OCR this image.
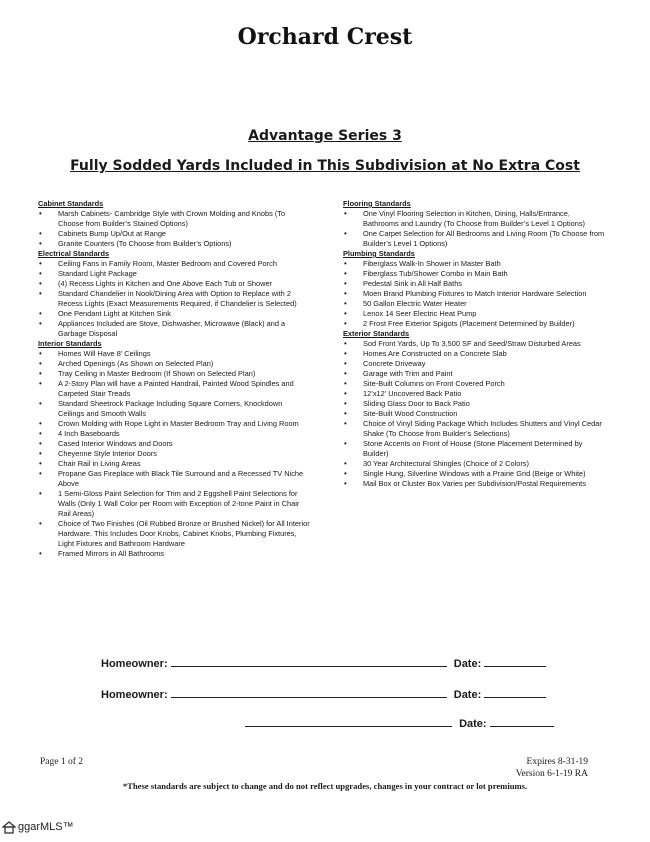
Orchard Crest
Advantage Series 3
Fully Sodded Yards Included in This Subdivision at No Extra Cost
Cabinet Standards
• Marsh Cabinets- Cambridge Style with Crown Molding and Knobs (To Choose from Builder’s Stained Options)
• Cabinets Bump Up/Out at Range
• Granite Counters (To Choose from Builder’s Options)
Electrical Standards
• Ceiling Fans in Family Room, Master Bedroom and Covered Porch
• Standard Light Package
• (4) Recess Lights in Kitchen and One Above Each Tub or Shower
• Standard Chandelier in Nook/Dining Area with Option to Replace with 2 Recess Lights (Exact Measurements Required, if Chandelier is Selected)
• One Pendant Light at Kitchen Sink
• Appliances Included are Stove, Dishwasher, Microwave (Black) and a Garbage Disposal
Interior Standards
• Homes Will Have 8’ Ceilings
• Arched Openings (As Shown on Selected Plan)
• Tray Ceiling in Master Bedroom (If Shown on Selected Plan)
• A 2-Story Plan will have a Painted Handrail, Painted Wood Spindles and Carpeted Stair Treads
• Standard Sheetrock Package Including Square Corners, Knockdown Ceilings and Smooth Walls
• Crown Molding with Rope Light in Master Bedroom Tray and Living Room
• 4 Inch Baseboards
• Cased Interior Windows and Doors
• Cheyenne Style Interior Doors
• Chair Rail in Living Areas
• Propane Gas Fireplace with Black Tile Surround and a Recessed TV Niche Above
• 1 Semi-Gloss Paint Selection for Trim and 2 Eggshell Paint Selections for Walls (Only 1 Wall Color per Room with Exception of 2-tone Paint in Chair Rail Areas)
• Choice of Two Finishes (Oil Rubbed Bronze or Brushed Nickel) for All Interior Hardware. This Includes Door Knobs, Cabinet Knobs, Plumbing Fixtures, Light Fixtures and Bathroom Hardware
• Framed Mirrors in All Bathrooms
Flooring Standards
• One Vinyl Flooring Selection in Kitchen, Dining, Halls/Entrance, Bathrooms and Laundry (To Choose from Builder’s Level 1 Options)
• One Carpet Selection for All Bedrooms and Living Room (To Choose from Builder’s Level 1 Options)
Plumbing Standards
• Fiberglass Walk-In Shower in Master Bath
• Fiberglass Tub/Shower Combo in Main Bath
• Pedestal Sink in All Half Baths
• Moen Brand Plumbing Fixtures to Match Interior Hardware Selection
• 50 Gallon Electric Water Heater
• Lenox 14 Seer Electric Heat Pump
• 2 Frost Free Exterior Spigots (Placement Determined by Builder)
Exterior Standards
• Sod Front Yards, Up To 3,500 SF and Seed/Straw Disturbed Areas
• Homes Are Constructed on a Concrete Slab
• Concrete Driveway
• Garage with Trim and Paint
• Site-Built Columns on Front Covered Porch
• 12’x12’ Uncovered Back Patio
• Sliding Glass Door to Back Patio
• Site-Built Wood Construction
• Choice of Vinyl Siding Package Which Includes Shutters and Vinyl Cedar Shake (To Choose from Builder’s Selections)
• Stone Accents on Front of House (Stone Placement Determined by Builder)
• 30 Year Architectural Shingles (Choice of 2 Colors)
• Single Hung, Silverline Windows with a Prairie Grid (Beige or White)
• Mail Box or Cluster Box Varies per Subdivision/Postal Requirements
Homeowner:	Date:
Homeowner:	Date:
Date:
Page 1 of 2	Expires 8-31-19
Version 6-1-19 RA
*These standards are subject to change and do not reflect upgrades, changes in your contract or lot premiums.
ggarMLS™
